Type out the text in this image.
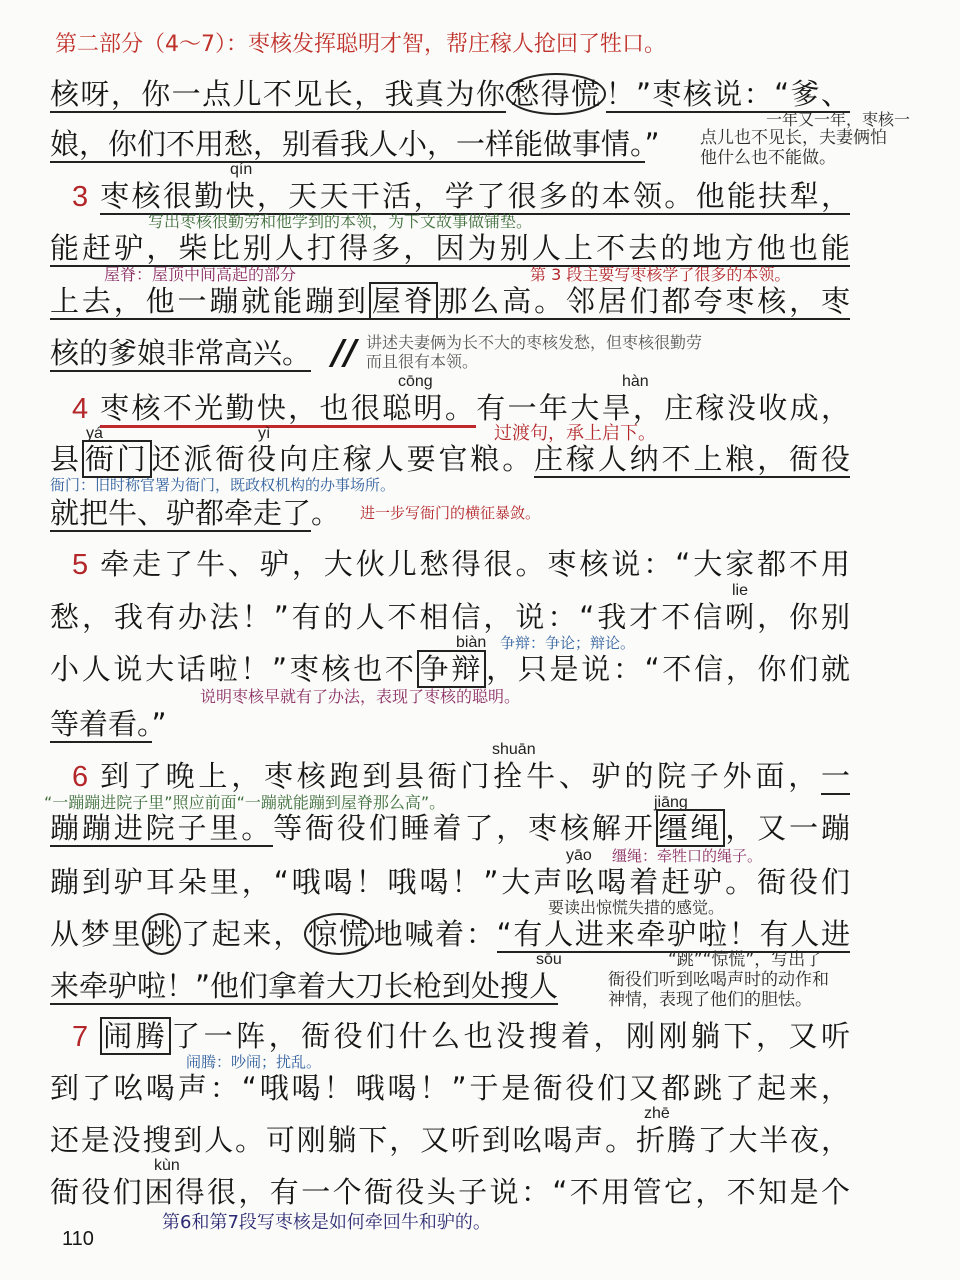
第二部分（4～7）：枣核发挥聪明才智，帮庄稼人抢回了牲口。
核呀，你一点儿不见长，我真为你 愁得慌 ！”枣核说：“爹、
娘，你们不用愁，别看我人小，一样能做事情。”
3 枣核很勤快，天天干活，学了很多的本领。他能扶犁，
能赶驴，柴比别人打得多，因为别人上不去的地方他也能
上去，他一蹦就能蹦到 屋脊 那么高。邻居们都夸枣核，枣
核的爹娘非常高兴。
4 枣核不光勤快，也很聪明。有一年大旱，庄稼没收成，
县 衙门 还派衙役向庄稼人要官粮。庄稼人纳不上粮，衙役
就把牛、驴都牵走了。
5 牵走了牛、驴，大伙儿愁得很。枣核说：“大家都不用
愁，我有办法！”有的人不相信，说：“我才不信咧，你别
小人说大话啦！”枣核也不 争辩 ，只是说：“不信，你们就
等着看。”
6 到了晚上，枣核跑到县衙门拴牛、驴的院子外面，一
蹦蹦进院子里。等衙役们睡着了，枣核解开 缰绳 ，又一蹦
蹦到驴耳朵里，“哦喝！哦喝！”大声吆喝着赶驴。衙役们
从梦里 跳 了起来， 惊慌 地喊着：“有人进来牵驴啦！有人进
来牵驴啦！”他们拿着大刀长枪到处搜人
7 闹腾 了一阵，衙役们什么也没搜着，刚刚躺下，又听
到了吆喝声：“哦喝！哦喝！”于是衙役们又都跳了起来，
还是没搜到人。可刚躺下，又听到吆喝声。折腾了大半夜，
衙役们困得很，有一个衙役头子说：“不用管它，不知是个
//
qín
cōng	hàn
yá	yì
lie
biàn
shuān
jiāng
yāo
sōu
zhē
kùn
一年又一年，枣核一
点儿也不见长，夫妻俩怕
他什么也不能做。
写出枣核很勤劳和他学到的本领，为下文故事做铺垫。
屋脊：屋顶中间高起的部分	第 3 段主要写枣核学了很多的本领。
讲述夫妻俩为长不大的枣核发愁，但枣核很勤劳
而且很有本领。
过渡句，承上启下。
衙门：旧时称官署为衙门，既政权机构的办事场所。
进一步写衙门的横征暴敛。
争辩：争论；辩论。
说明枣核早就有了办法，表现了枣核的聪明。
“一蹦蹦进院子里”照应前面“一蹦就能蹦到屋脊那么高”。
缰绳：牵牲口的绳子。
要读出惊慌失措的感觉。
“跳”“惊慌”，写出了
衙役们听到吆喝声时的动作和
神情，表现了他们的胆怯。
闹腾：吵闹；扰乱。
第6和第7段写枣核是如何牵回牛和驴的。
110
